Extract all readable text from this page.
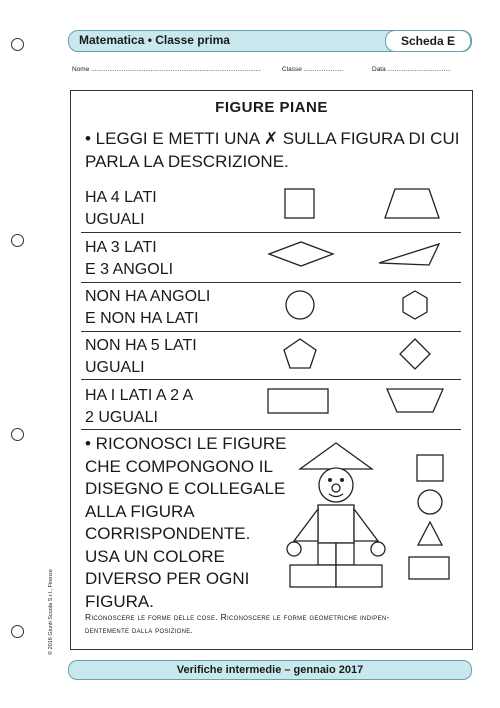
Matematica • Classe prima	Scheda E
Nome ..............................................................................................	Classe ......................	Data ...................................
FIGURE PIANE
• LEGGI E METTI UNA ✗ SULLA FIGURA DI CUI PARLA LA DESCRIZIONE.
HA 4 LATI
UGUALI
HA 3 LATI
E 3 ANGOLI
NON HA ANGOLI
E NON HA LATI
NON HA 5 LATI
UGUALI
HA I LATI A 2 A
2 UGUALI
• RICONOSCI LE FIGURE
CHE COMPONGONO IL
DISEGNO E COLLEGALE
ALLA FIGURA
CORRISPONDENTE.
USA UN COLORE
DIVERSO PER OGNI
FIGURA.
Riconoscere le forme delle cose. Riconoscere le forme geometriche indipen-
dentemente dalla posizione.
© 2016 Giunti Scuola S.r.l., Firenze
Verifiche intermedie – gennaio 2017
